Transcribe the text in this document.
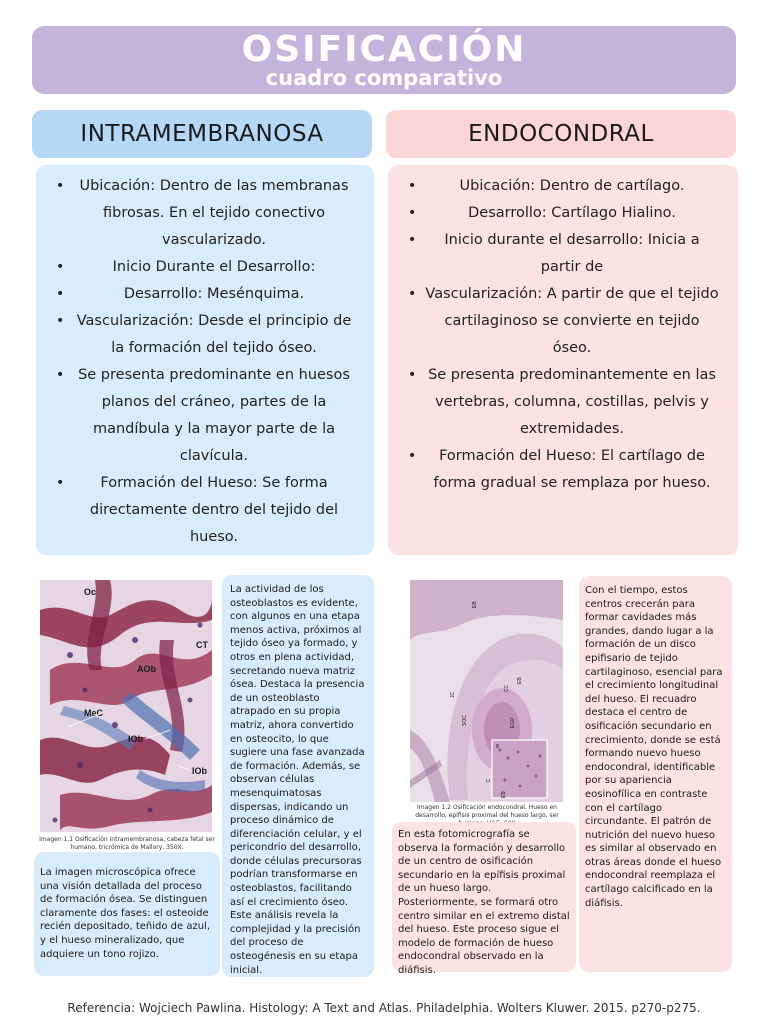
OSIFICACIÓN
cuadro comparativo
INTRAMEMBRANOSA	ENDOCONDRAL
• Ubicación: Dentro de las membranas fibrosas. En el tejido conectivo vascularizado.
• Inicio Durante el Desarrollo:
• Desarrollo: Mesénquima.
• Vascularización: Desde el principio de la formación del tejido óseo.
• Se presenta predominante en huesos planos del cráneo, partes de la mandíbula y la mayor parte de la clavícula.
• Formación del Hueso: Se forma directamente dentro del tejido del hueso.
• Ubicación: Dentro de cartílago.
• Desarrollo: Cartílago Hialino.
• Inicio durante el desarrollo: Inicia a partir de
• Vascularización: A partir de que el tejido cartilaginoso se convierte en tejido óseo.
• Se presenta predominantemente en las vertebras, columna, costillas, pelvis y extremidades.
• Formación del Hueso: El cartílago de forma gradual se remplaza por hueso.
Oc
CT
AOb
MeC
IOb
IOb
Imagen 1.1 Osificación intramembranosa, cabeza fetal ser humano, tricrómica de Mallory, 350X.
La actividad de los osteoblastos es evidente, con algunos en una etapa menos activa, próximos al tejido óseo ya formado, y otros en plena actividad, secretando nueva matriz ósea. Destaca la presencia de un osteoblasto atrapado en su propia matriz, ahora convertido en osteocito, lo que sugiere una fase avanzada de formación. Además, se observan células mesenquimatosas dispersas, indicando un proceso dinámico de diferenciación celular, y el pericondrio del desarrollo, donde células precursoras podrían transformarse en osteoblastos, facilitando así el crecimiento óseo. Este análisis revela la complejidad y la precisión del proceso de osteogénesis en su etapa inicial.
La imagen microscópica ofrece una visión detallada del proceso de formación ósea. Se distinguen claramente dos fases: el osteoide recién depositado, teñido de azul, y el hueso mineralizado, que adquiere un tono rojizo.
EB
CC
EB
JC
SOC	EGP
B
C
EB
Imagen 1.2 Osificación endocondral. Hueso en desarrollo, epífisis proximal del hueso largo, ser
En esta fotomicrografía se observa la formación y desarrollo de un centro de osificación secundario en la epífisis proximal de un hueso largo. Posteriormente, se formará otro centro similar en el extremo distal del hueso. Este proceso sigue el modelo de formación de hueso endocondral observado en la diáfisis.
Con el tiempo, estos centros crecerán para formar cavidades más grandes, dando lugar a la formación de un disco epifisario de tejido cartilaginoso, esencial para el crecimiento longitudinal del hueso. El recuadro destaca el centro de osificación secundario en crecimiento, donde se está formando nuevo hueso endocondral, identificable por su apariencia eosinofílica en contraste con el cartílago circundante. El patrón de nutrición del nuevo hueso es similar al observado en otras áreas donde el hueso endocondral reemplaza el cartílago calcificado en la diáfisis.
Referencia: Wojciech Pawlina. Histology: A Text and Atlas. Philadelphia. Wolters Kluwer. 2015. p270-p275.
